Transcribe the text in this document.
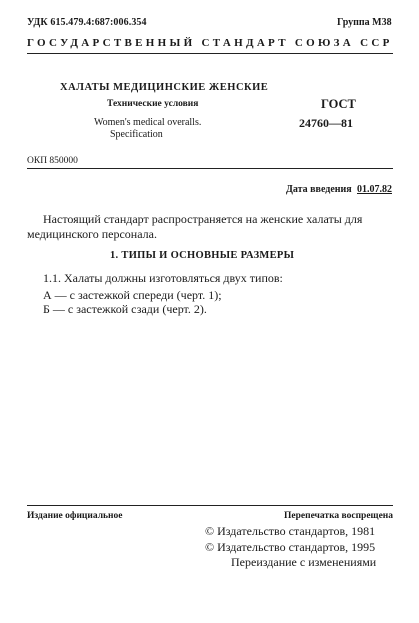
УДК 615.479.4:687:006.354	Группа М38
ГОСУДАРСТВЕННЫЙ СТАНДАРТ СОЮЗА ССР
ХАЛАТЫ МЕДИЦИНСКИЕ ЖЕНСКИЕ
Технические условия
Women's medical overalls.
Specification
ГОСТ
24760—81
ОКП 850000
Дата введения 01.07.82
Настоящий стандарт распространяется на женские халаты для
медицинского персонала.
1. ТИПЫ И ОСНОВНЫЕ РАЗМЕРЫ
1.1. Халаты должны изготовляться двух типов:
А — с застежкой спереди (черт. 1);
Б — с застежкой сзади (черт. 2).
Издание официальное	Перепечатка воспрещена
© Издательство стандартов, 1981
© Издательство стандартов, 1995
Переиздание с изменениями
